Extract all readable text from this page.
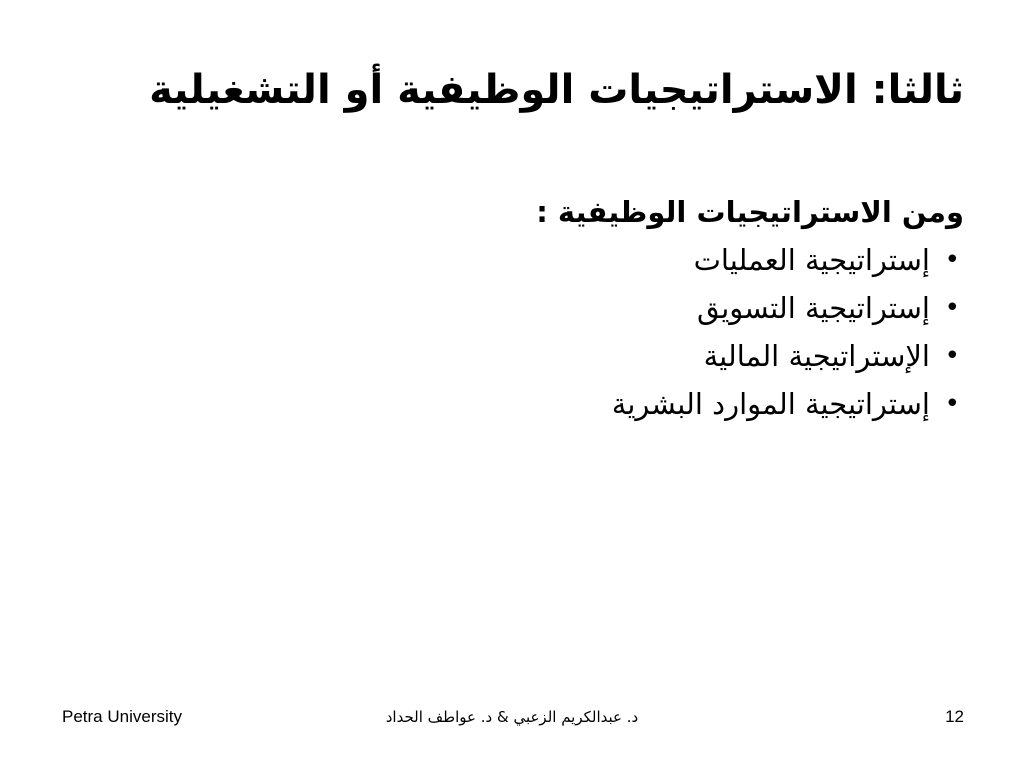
ثالثا: الاستراتيجيات الوظيفية أو التشغيلية
ومن الاستراتيجيات الوظيفية :
•
إستراتيجية العمليات
•
إستراتيجية التسويق
•
الإستراتيجية المالية
•
إستراتيجية الموارد البشرية
Petra University	د. عبدالكريم الزعبي & د. عواطف الحداد	12
